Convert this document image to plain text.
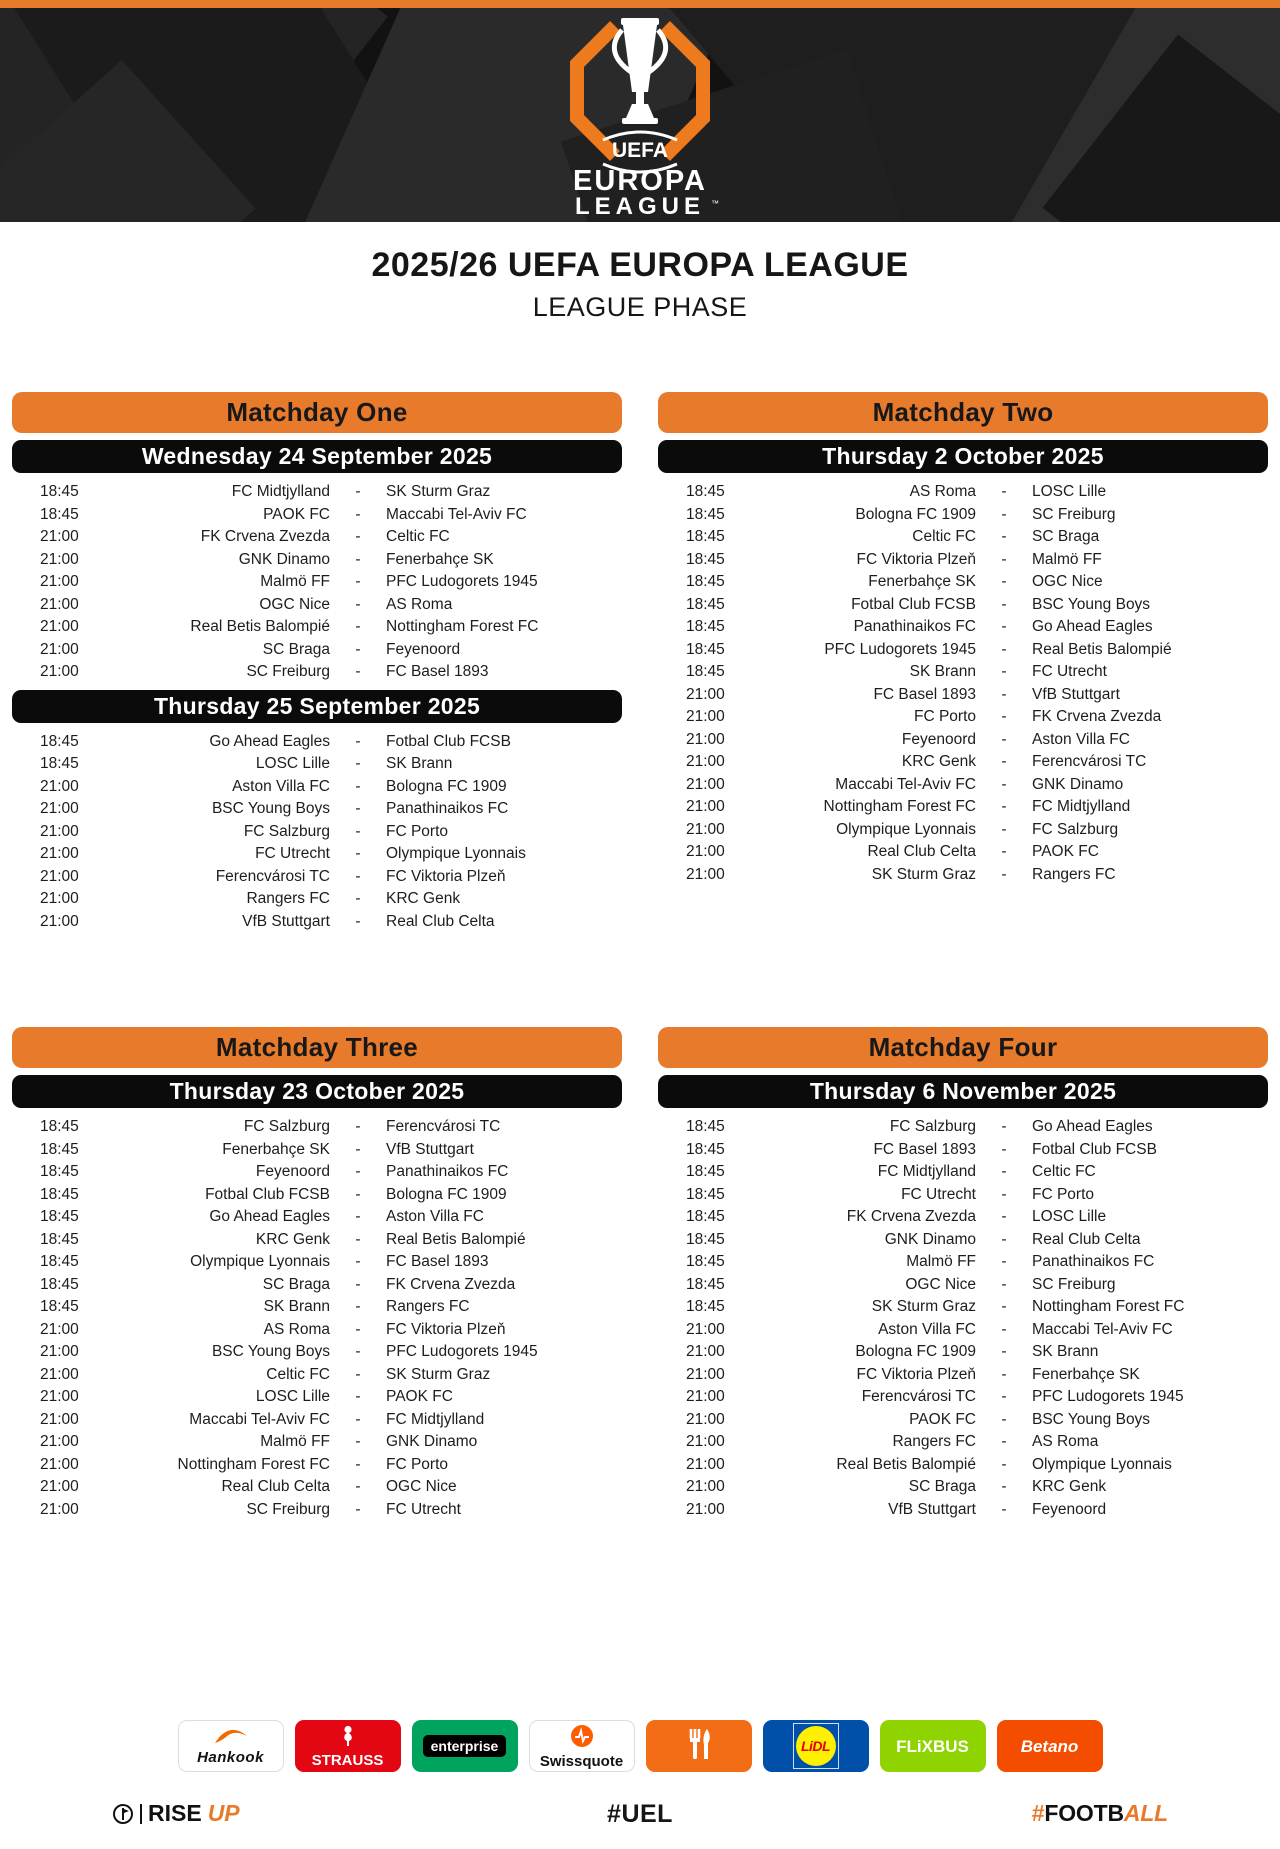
UEFA
EUROPA
LEAGUE ™
2025/26 UEFA EUROPA LEAGUE
LEAGUE PHASE
Matchday One
Wednesday 24 September 2025
18:45	FC Midtjylland	-	SK Sturm Graz
18:45	PAOK FC	-	Maccabi Tel-Aviv FC
21:00	FK Crvena Zvezda	-	Celtic FC
21:00	GNK Dinamo	-	Fenerbahçe SK
21:00	Malmö FF	-	PFC Ludogorets 1945
21:00	OGC Nice	-	AS Roma
21:00	Real Betis Balompié	-	Nottingham Forest FC
21:00	SC Braga	-	Feyenoord
21:00	SC Freiburg	-	FC Basel 1893
Thursday 25 September 2025
18:45	Go Ahead Eagles	-	Fotbal Club FCSB
18:45	LOSC Lille	-	SK Brann
21:00	Aston Villa FC	-	Bologna FC 1909
21:00	BSC Young Boys	-	Panathinaikos FC
21:00	FC Salzburg	-	FC Porto
21:00	FC Utrecht	-	Olympique Lyonnais
21:00	Ferencvárosi TC	-	FC Viktoria Plzeň
21:00	Rangers FC	-	KRC Genk
21:00	VfB Stuttgart	-	Real Club Celta
Matchday Two
Thursday 2 October 2025
18:45	AS Roma	-	LOSC Lille
18:45	Bologna FC 1909	-	SC Freiburg
18:45	Celtic FC	-	SC Braga
18:45	FC Viktoria Plzeň	-	Malmö FF
18:45	Fenerbahçe SK	-	OGC Nice
18:45	Fotbal Club FCSB	-	BSC Young Boys
18:45	Panathinaikos FC	-	Go Ahead Eagles
18:45	PFC Ludogorets 1945	-	Real Betis Balompié
18:45	SK Brann	-	FC Utrecht
21:00	FC Basel 1893	-	VfB Stuttgart
21:00	FC Porto	-	FK Crvena Zvezda
21:00	Feyenoord	-	Aston Villa FC
21:00	KRC Genk	-	Ferencvárosi TC
21:00	Maccabi Tel-Aviv FC	-	GNK Dinamo
21:00	Nottingham Forest FC	-	FC Midtjylland
21:00	Olympique Lyonnais	-	FC Salzburg
21:00	Real Club Celta	-	PAOK FC
21:00	SK Sturm Graz	-	Rangers FC
Matchday Three
Thursday 23 October 2025
18:45	FC Salzburg	-	Ferencvárosi TC
18:45	Fenerbahçe SK	-	VfB Stuttgart
18:45	Feyenoord	-	Panathinaikos FC
18:45	Fotbal Club FCSB	-	Bologna FC 1909
18:45	Go Ahead Eagles	-	Aston Villa FC
18:45	KRC Genk	-	Real Betis Balompié
18:45	Olympique Lyonnais	-	FC Basel 1893
18:45	SC Braga	-	FK Crvena Zvezda
18:45	SK Brann	-	Rangers FC
21:00	AS Roma	-	FC Viktoria Plzeň
21:00	BSC Young Boys	-	PFC Ludogorets 1945
21:00	Celtic FC	-	SK Sturm Graz
21:00	LOSC Lille	-	PAOK FC
21:00	Maccabi Tel-Aviv FC	-	FC Midtjylland
21:00	Malmö FF	-	GNK Dinamo
21:00	Nottingham Forest FC	-	FC Porto
21:00	Real Club Celta	-	OGC Nice
21:00	SC Freiburg	-	FC Utrecht
Matchday Four
Thursday 6 November 2025
18:45	FC Salzburg	-	Go Ahead Eagles
18:45	FC Basel 1893	-	Fotbal Club FCSB
18:45	FC Midtjylland	-	Celtic FC
18:45	FC Utrecht	-	FC Porto
18:45	FK Crvena Zvezda	-	LOSC Lille
18:45	GNK Dinamo	-	Real Club Celta
18:45	Malmö FF	-	Panathinaikos FC
18:45	OGC Nice	-	SC Freiburg
18:45	SK Sturm Graz	-	Nottingham Forest FC
21:00	Aston Villa FC	-	Maccabi Tel-Aviv FC
21:00	Bologna FC 1909	-	SK Brann
21:00	FC Viktoria Plzeň	-	Fenerbahçe SK
21:00	Ferencvárosi TC	-	PFC Ludogorets 1945
21:00	PAOK FC	-	BSC Young Boys
21:00	Rangers FC	-	AS Roma
21:00	Real Betis Balompié	-	Olympique Lyonnais
21:00	SC Braga	-	KRC Genk
21:00	VfB Stuttgart	-	Feyenoord
Hankook	STRAUSS
enterprise
Swissquote
LiDL	FLiXBUS	Betano
RISE UP	#UEL	#FOOTBALL
